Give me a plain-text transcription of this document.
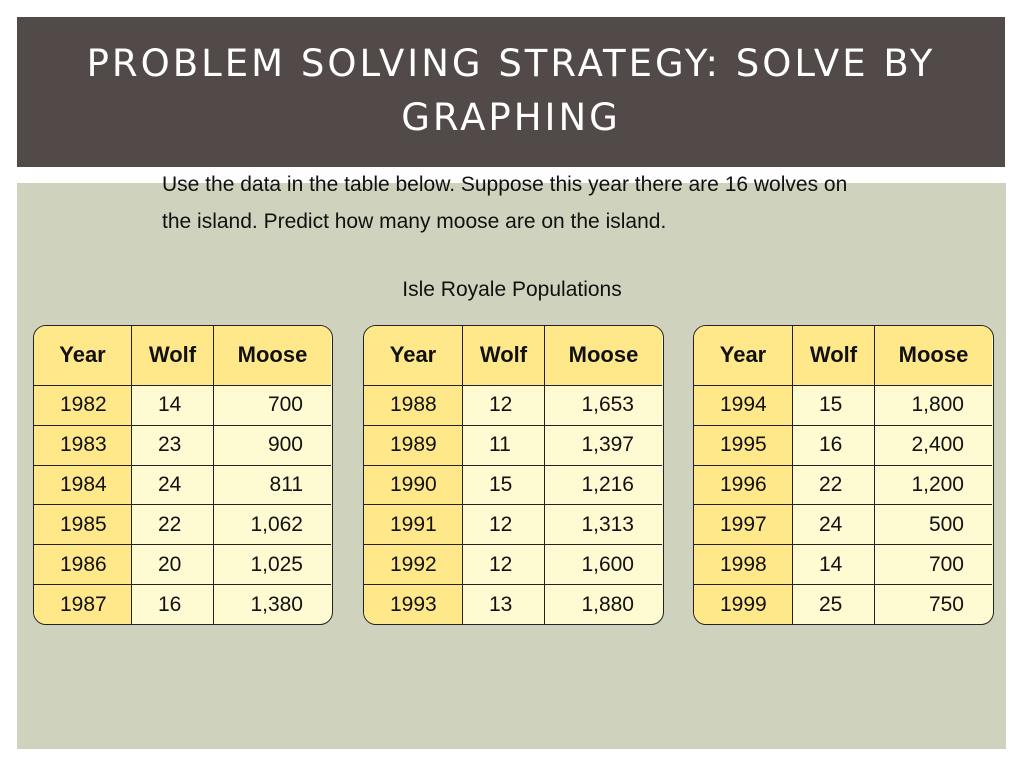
PROBLEM SOLVING STRATEGY: SOLVE BY GRAPHING
Use the data in the table below. Suppose this year there are 16 wolves on the island. Predict how many moose are on the island.
Isle Royale Populations
Year
1982
1983
1984
1985
1986
1987
Wolf
14
23
24
22
20
16
Moose
700
900
811
1,062
1,025
1,380
Year
1988
1989
1990
1991
1992
1993
Wolf
12
11
15
12
12
13
Moose
1,653
1,397
1,216
1,313
1,600
1,880
Year
1994
1995
1996
1997
1998
1999
Wolf
15
16
22
24
14
25
Moose
1,800
2,400
1,200
500
700
750
